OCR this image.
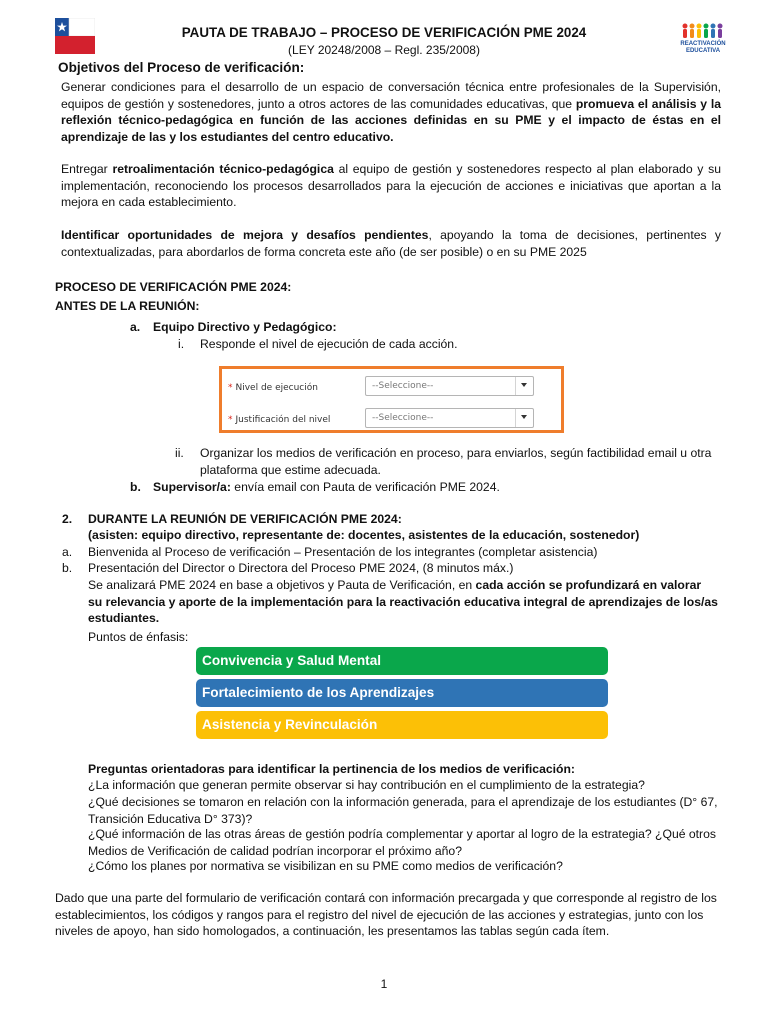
PAUTA DE TRABAJO – PROCESO DE VERIFICACIÓN PME 2024
(LEY 20248/2008 – Regl. 235/2008)	REACTIVACIÓN EDUCATIVA
Objetivos del Proceso de verificación:
Generar condiciones para el desarrollo de un espacio de conversación técnica entre profesionales de la Supervisión, equipos de gestión y sostenedores, junto a otros actores de las comunidades educativas, que promueva el análisis y la reflexión técnico-pedagógica en función de las acciones definidas en su PME y el impacto de éstas en el aprendizaje de las y los estudiantes del centro educativo.
Entregar retroalimentación técnico-pedagógica al equipo de gestión y sostenedores respecto al plan elaborado y su implementación, reconociendo los procesos desarrollados para la ejecución de acciones e iniciativas que aportan a la mejora en cada establecimiento.
Identificar oportunidades de mejora y desafíos pendientes, apoyando la toma de decisiones, pertinentes y contextualizadas, para abordarlos de forma concreta este año (de ser posible) o en su PME 2025
PROCESO DE VERIFICACIÓN PME 2024:
ANTES DE LA REUNIÓN:
a. Equipo Directivo y Pedagógico:
i. Responde el nivel de ejecución de cada acción.
* Nivel de ejecución	--Seleccione--
* Justificación del nivel	--Seleccione--
ii. Organizar los medios de verificación en proceso, para enviarlos, según factibilidad email u otra plataforma que estime adecuada.
b. Supervisor/a: envía email con Pauta de verificación PME 2024.
2. DURANTE LA REUNIÓN DE VERIFICACIÓN PME 2024:
(asisten: equipo directivo, representante de: docentes, asistentes de la educación, sostenedor)
a. Bienvenida al Proceso de verificación – Presentación de los integrantes (completar asistencia)
b. Presentación del Director o Directora del Proceso PME 2024, (8 minutos máx.)
Se analizará PME 2024 en base a objetivos y Pauta de Verificación, en cada acción se profundizará en valorar su relevancia y aporte de la implementación para la reactivación educativa integral de aprendizajes de los/as estudiantes.
Puntos de énfasis:
Convivencia y Salud Mental
Fortalecimiento de los Aprendizajes
Asistencia y Revinculación
Preguntas orientadoras para identificar la pertinencia de los medios de verificación:
¿La información que generan permite observar si hay contribución en el cumplimiento de la estrategia?
¿Qué decisiones se tomaron en relación con la información generada, para el aprendizaje de los estudiantes (D° 67, Transición Educativa D° 373)?
¿Qué información de las otras áreas de gestión podría complementar y aportar al logro de la estrategia? ¿Qué otros Medios de Verificación de calidad podrían incorporar el próximo año?
¿Cómo los planes por normativa se visibilizan en su PME como medios de verificación?
Dado que una parte del formulario de verificación contará con información precargada y que corresponde al registro de los establecimientos, los códigos y rangos para el registro del nivel de ejecución de las acciones y estrategias, junto con los niveles de apoyo, han sido homologados, a continuación, les presentamos las tablas según cada ítem.
1
